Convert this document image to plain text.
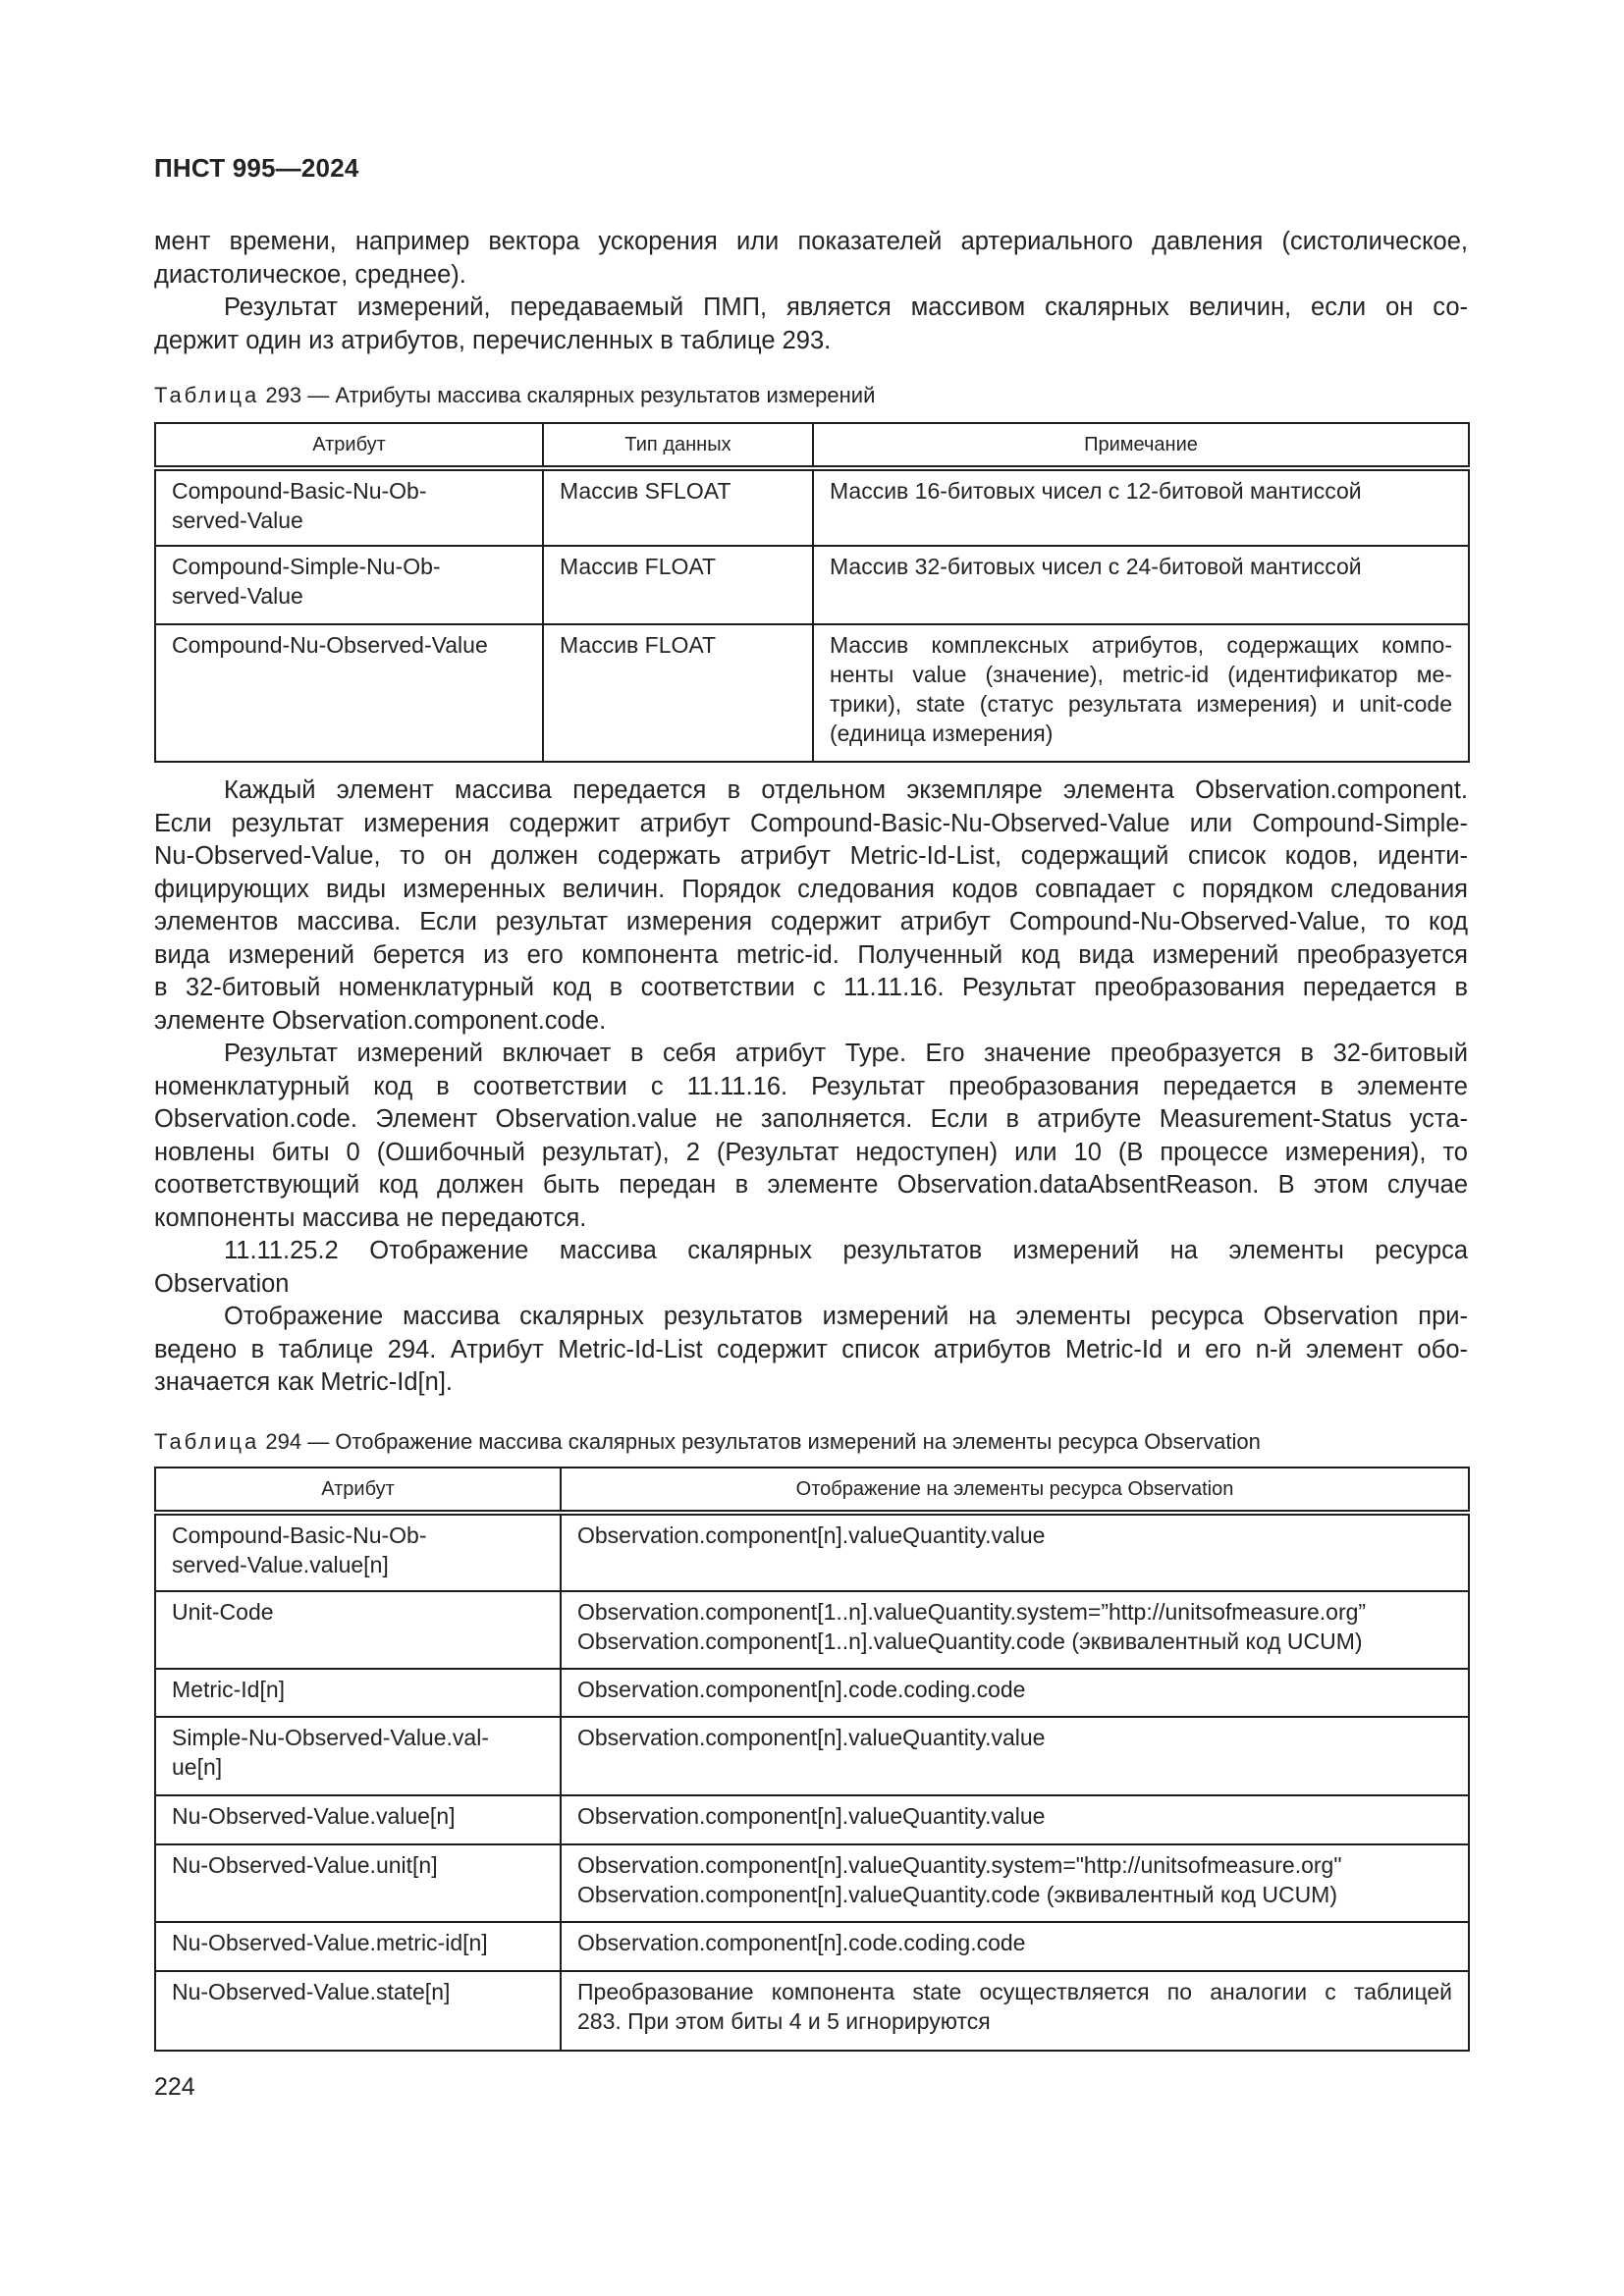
ПНСТ 995—2024
мент времени, например вектора ускорения или показателей артериального давления (систолическое,
диастолическое, среднее).
Результат измерений, передаваемый ПМП, является массивом скалярных величин, если он со-
держит один из атрибутов, перечисленных в таблице 293.
Таблица 293 — Атрибуты массива скалярных результатов измерений
Атрибут	Тип данных	Примечание

Compound-Basic-Nu-Ob-
served-Value	Массив SFLOAT	Массив 16-битовых чисел с 12-битовой мантиссой

Compound-Simple-Nu-Ob-
served-Value	Массив FLOAT	Массив 32-битовых чисел с 24-битовой мантиссой

Compound-Nu-Observed-Value	Массив FLOAT	Массив комплексных атрибутов, содержащих компо-
ненты value (значение), metric-id (идентификатор ме-
трики), state (статус результата измерения) и unit-code
(единица измерения)
Каждый элемент массива передается в отдельном экземпляре элемента Observation.component.
Если результат измерения содержит атрибут Compound-Basic-Nu-Observed-Value или Compound-Simple-
Nu-Observed-Value, то он должен содержать атрибут Metric-Id-List, содержащий список кодов, иденти-
фицирующих виды измеренных величин. Порядок следования кодов совпадает с порядком следования
элементов массива. Если результат измерения содержит атрибут Compound-Nu-Observed-Value, то код
вида измерений берется из его компонента metric-id. Полученный код вида измерений преобразуется
в 32-битовый номенклатурный код в соответствии с 11.11.16. Результат преобразования передается в
элементе Observation.component.code.
Результат измерений включает в себя атрибут Type. Его значение преобразуется в 32-битовый
номенклатурный код в соответствии с 11.11.16. Результат преобразования передается в элементе
Observation.code. Элемент Observation.value не заполняется. Если в атрибуте Measurement-Status уста-
новлены биты 0 (Ошибочный результат), 2 (Результат недоступен) или 10 (В процессе измерения), то
соответствующий код должен быть передан в элементе Observation.dataAbsentReason. В этом случае
компоненты массива не передаются.
11.11.25.2 Отображение массива скалярных результатов измерений на элементы ресурса
Observation
Отображение массива скалярных результатов измерений на элементы ресурса Observation при-
ведено в таблице 294. Атрибут Metric-Id-List содержит список атрибутов Metric-Id и его n-й элемент обо-
значается как Metric-Id[n].
Таблица 294 — Отображение массива скалярных результатов измерений на элементы ресурса Observation
Атрибут	Отображение на элементы ресурса Observation

Compound-Basic-Nu-Ob-
served-Value.value[n]	Observation.component[n].valueQuantity.value

Unit-Code	Observation.component[1..n].valueQuantity.system=”http://unitsofmeasure.org”
Observation.component[1..n].valueQuantity.code (эквивалентный код UCUM)

Metric-Id[n]	Observation.component[n].code.coding.code

Simple-Nu-Observed-Value.val-
ue[n]	Observation.component[n].valueQuantity.value

Nu-Observed-Value.value[n]	Observation.component[n].valueQuantity.value

Nu-Observed-Value.unit[n]	Observation.component[n].valueQuantity.system="http://unitsofmeasure.org"
Observation.component[n].valueQuantity.code (эквивалентный код UCUM)

Nu-Observed-Value.metric-id[n]	Observation.component[n].code.coding.code

Nu-Observed-Value.state[n]	Преобразование компонента state осуществляется по аналогии с таблицей
283. При этом биты 4 и 5 игнорируются
224
